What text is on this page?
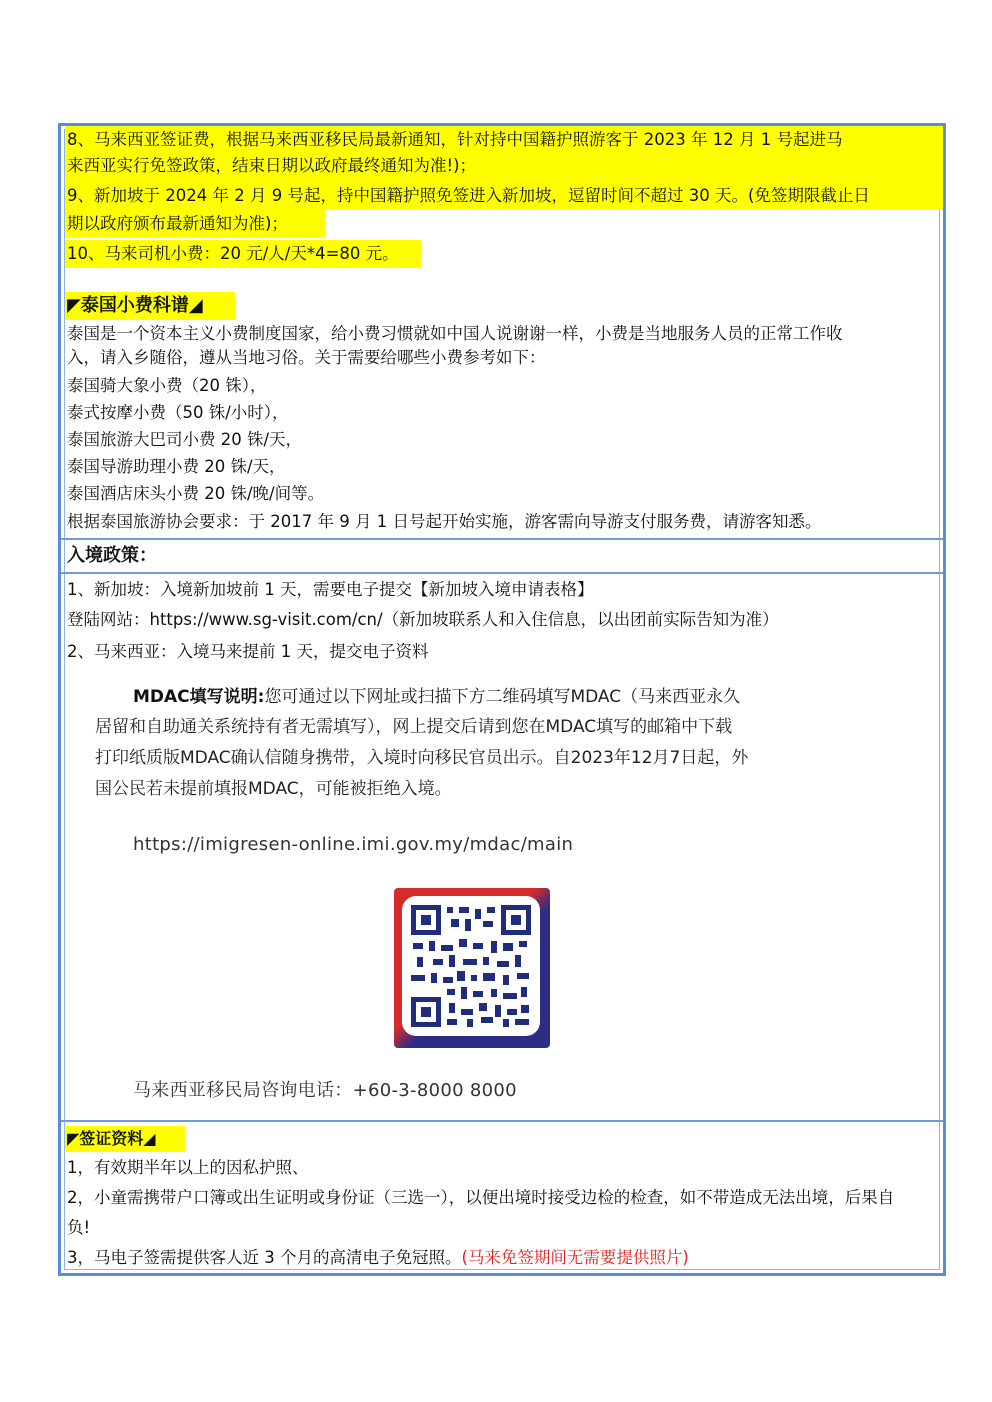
8、马来西亚签证费，根据马来西亚移民局最新通知，针对持中国籍护照游客于 2023 年 12 月 1 号起进马
来西亚实行免签政策，结束日期以政府最终通知为准!)；
9、新加坡于 2024 年 2 月 9 号起，持中国籍护照免签进入新加坡，逗留时间不超过 30 天。(免签期限截止日
期以政府颁布最新通知为准)；
10、马来司机小费：20 元/人/天*4=80 元。
◤泰国小费科谱◢
泰国是一个资本主义小费制度国家，给小费习惯就如中国人说谢谢一样，小费是当地服务人员的正常工作收
入，请入乡随俗，遵从当地习俗。关于需要给哪些小费参考如下：
泰国骑大象小费（20 铢），
泰式按摩小费（50 铢/小时），
泰国旅游大巴司小费 20 铢/天，
泰国导游助理小费 20 铢/天，
泰国酒店床头小费 20 铢/晚/间等。
根据泰国旅游协会要求：于 2017 年 9 月 1 日号起开始实施，游客需向导游支付服务费，请游客知悉。
入境政策：
1、新加坡：入境新加坡前 1 天，需要电子提交【新加坡入境申请表格】
登陆网站：https://www.sg-visit.com/cn/（新加坡联系人和入住信息，以出团前实际告知为准）
2、马来西亚：入境马来提前 1 天，提交电子资料
MDAC填写说明:您可通过以下网址或扫描下方二维码填写MDAC（马来西亚永久
居留和自助通关系统持有者无需填写），网上提交后请到您在MDAC填写的邮箱中下载
打印纸质版MDAC确认信随身携带，入境时向移民官员出示。自2023年12月7日起，外
国公民若未提前填报MDAC，可能被拒绝入境。
https://imigresen-online.imi.gov.my/mdac/main
马来西亚移民局咨询电话：+60-3-8000 8000
◤签证资料◢
1，有效期半年以上的因私护照、
2，小童需携带户口簿或出生证明或身份证（三选一），以便出境时接受边检的检查，如不带造成无法出境，后果自
负!
3，马电子签需提供客人近 3 个月的高清电子免冠照。(马来免签期间无需要提供照片)
